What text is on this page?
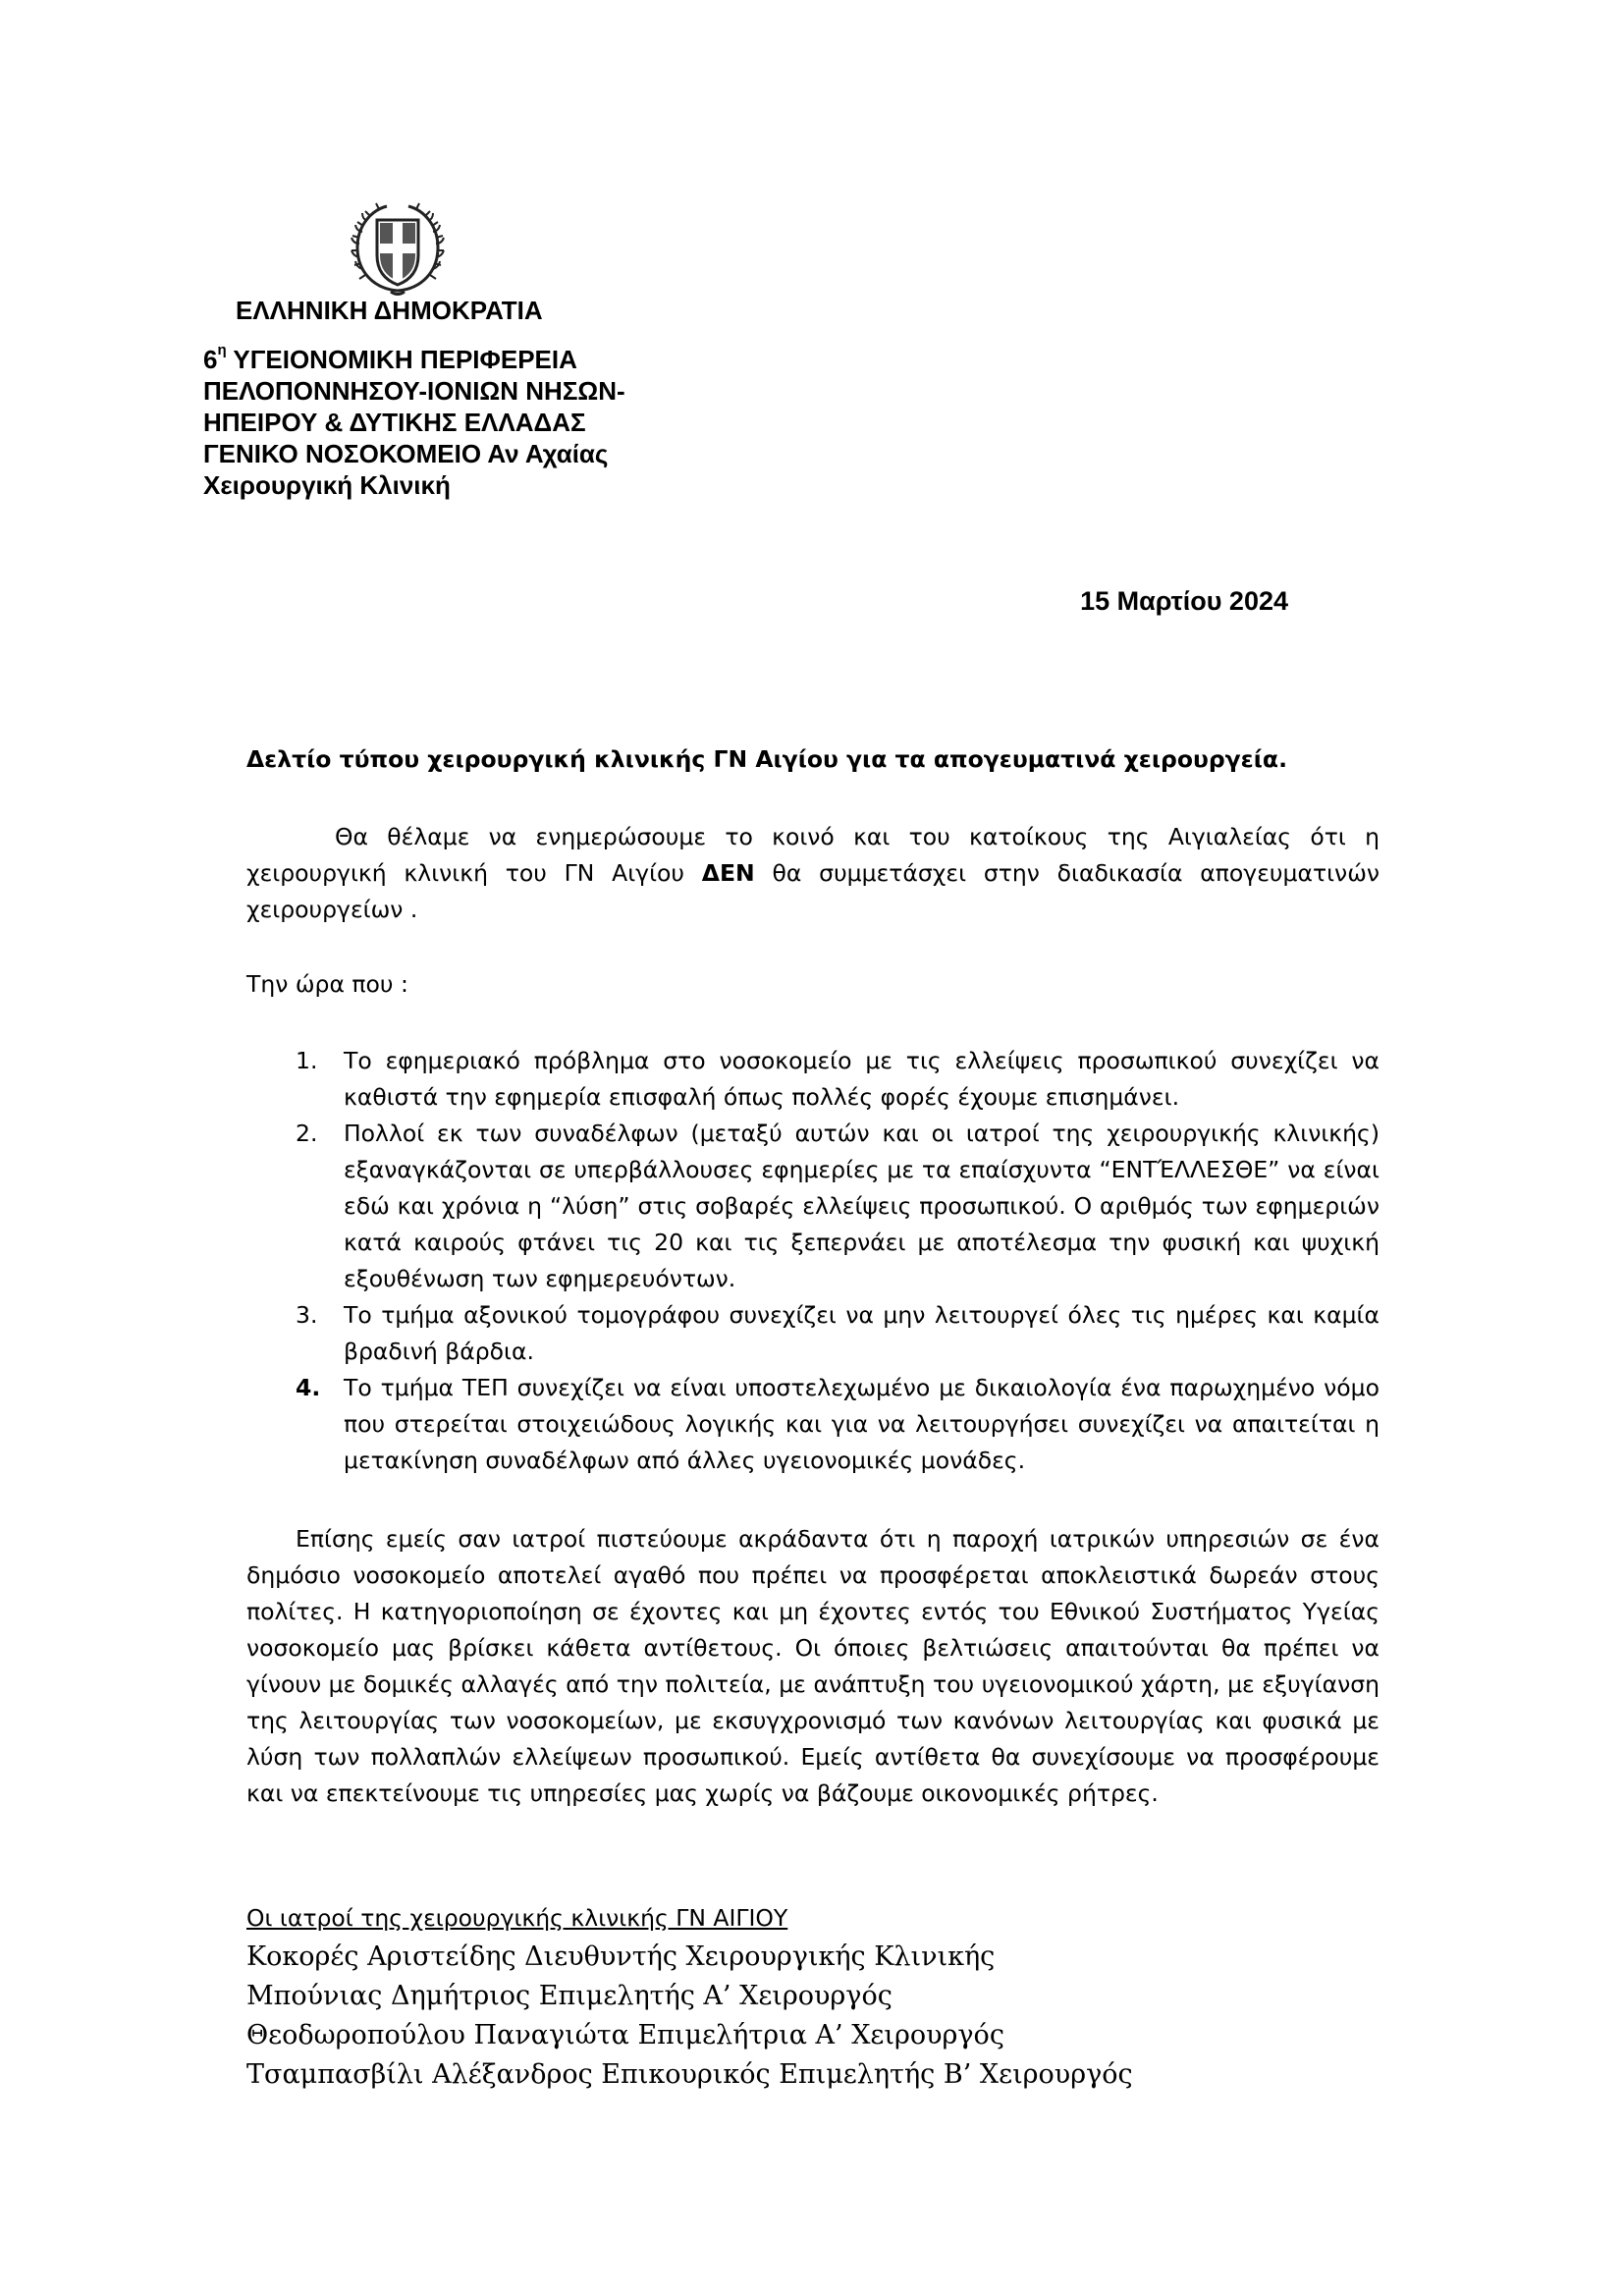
ΕΛΛΗΝΙΚΗ ΔΗΜΟΚΡΑΤΙΑ

$6^\eta$ ΥΓΕΙΟΝΟΜΙΚΗ ΠΕΡΙΦΕΡΕΙΑ
ΠΕΛΟΠΟΝΝΗΣΟΥ-ΙΟΝΙΩΝ ΝΗΣΩΝ-
ΗΠΕΙΡΟΥ & ΔΥΤΙΚΗΣ ΕΛΛΑΔΑΣ
ΓΕΝΙΚΟ ΝΟΣΟΚΟΜΕΙΟ Αν Αχαίας
Χειρουργική Κλινική

15 Μαρτίου 2024

Δελτίο τύπου χειρουργική κλινικής ΓΝ Αιγίου για τα απογευματινά χειρουργεία.

Θα θέλαμε να ενημερώσουμε το κοινό και του κατοίκους της Αιγιαλείας ότι η χειρουργική κλινική του ΓΝ Αιγίου ΔΕΝ θα συμμετάσχει στην διαδικασία απογευματινών χειρουργείων .

Την ώρα που :

1.	Το εφημεριακό πρόβλημα στο νοσοκομείο με τις ελλείψεις προσωπικού συνεχίζει να καθιστά την εφημερία επισφαλή όπως πολλές φορές έχουμε επισημάνει.
2.	Πολλοί εκ των συναδέλφων (μεταξύ αυτών και οι ιατροί της χειρουργικής κλινικής) εξαναγκάζονται σε υπερβάλλουσες εφημερίες με τα επαίσχυντα “ΕΝΤΈΛΛΕΣΘΕ” να είναι εδώ και χρόνια η “λύση” στις σοβαρές ελλείψεις προσωπικού. Ο αριθμός των εφημεριών κατά καιρούς φτάνει τις 20 και τις ξεπερνάει με αποτέλεσμα την φυσική και ψυχική εξουθένωση των εφημερευόντων.
3.	Το τμήμα αξονικού τομογράφου συνεχίζει να μην λειτουργεί όλες τις ημέρες και καμία βραδινή βάρδια.
4.	Το τμήμα ΤΕΠ συνεχίζει να είναι υποστελεχωμένο με δικαιολογία ένα παρωχημένο νόμο που στερείται στοιχειώδους λογικής και για να λειτουργήσει συνεχίζει να απαιτείται η μετακίνηση συναδέλφων από άλλες υγειονομικές μονάδες.

Επίσης εμείς σαν ιατροί πιστεύουμε ακράδαντα ότι η παροχή ιατρικών υπηρεσιών σε ένα δημόσιο νοσοκομείο αποτελεί αγαθό που πρέπει να προσφέρεται αποκλειστικά δωρεάν στους πολίτες. Η κατηγοριοποίηση σε έχοντες και μη έχοντες εντός του Εθνικού Συστήματος Υγείας νοσοκομείο μας βρίσκει κάθετα αντίθετους. Οι όποιες βελτιώσεις απαιτούνται θα πρέπει να γίνουν με δομικές αλλαγές από την πολιτεία, με ανάπτυξη του υγειονομικού χάρτη, με εξυγίανση της λειτουργίας των νοσοκομείων, με εκσυγχρονισμό των κανόνων λειτουργίας και φυσικά με λύση των πολλαπλών ελλείψεων προσωπικού. Εμείς αντίθετα θα συνεχίσουμε να προσφέρουμε και να επεκτείνουμε τις υπηρεσίες μας χωρίς να βάζουμε οικονομικές ρήτρες.

Οι ιατροί της χειρουργικής κλινικής ΓΝ ΑΙΓΙΟΥ
Κοκορές Αριστείδης Διευθυντής Χειρουργικής Κλινικής
Μπούνιας Δημήτριος Επιμελητής Α’ Χειρουργός
Θεοδωροπούλου Παναγιώτα Επιμελήτρια Α’ Χειρουργός
Τσαμπασβίλι Αλέξανδρος Επικουρικός Επιμελητής Β’ Χειρουργός
